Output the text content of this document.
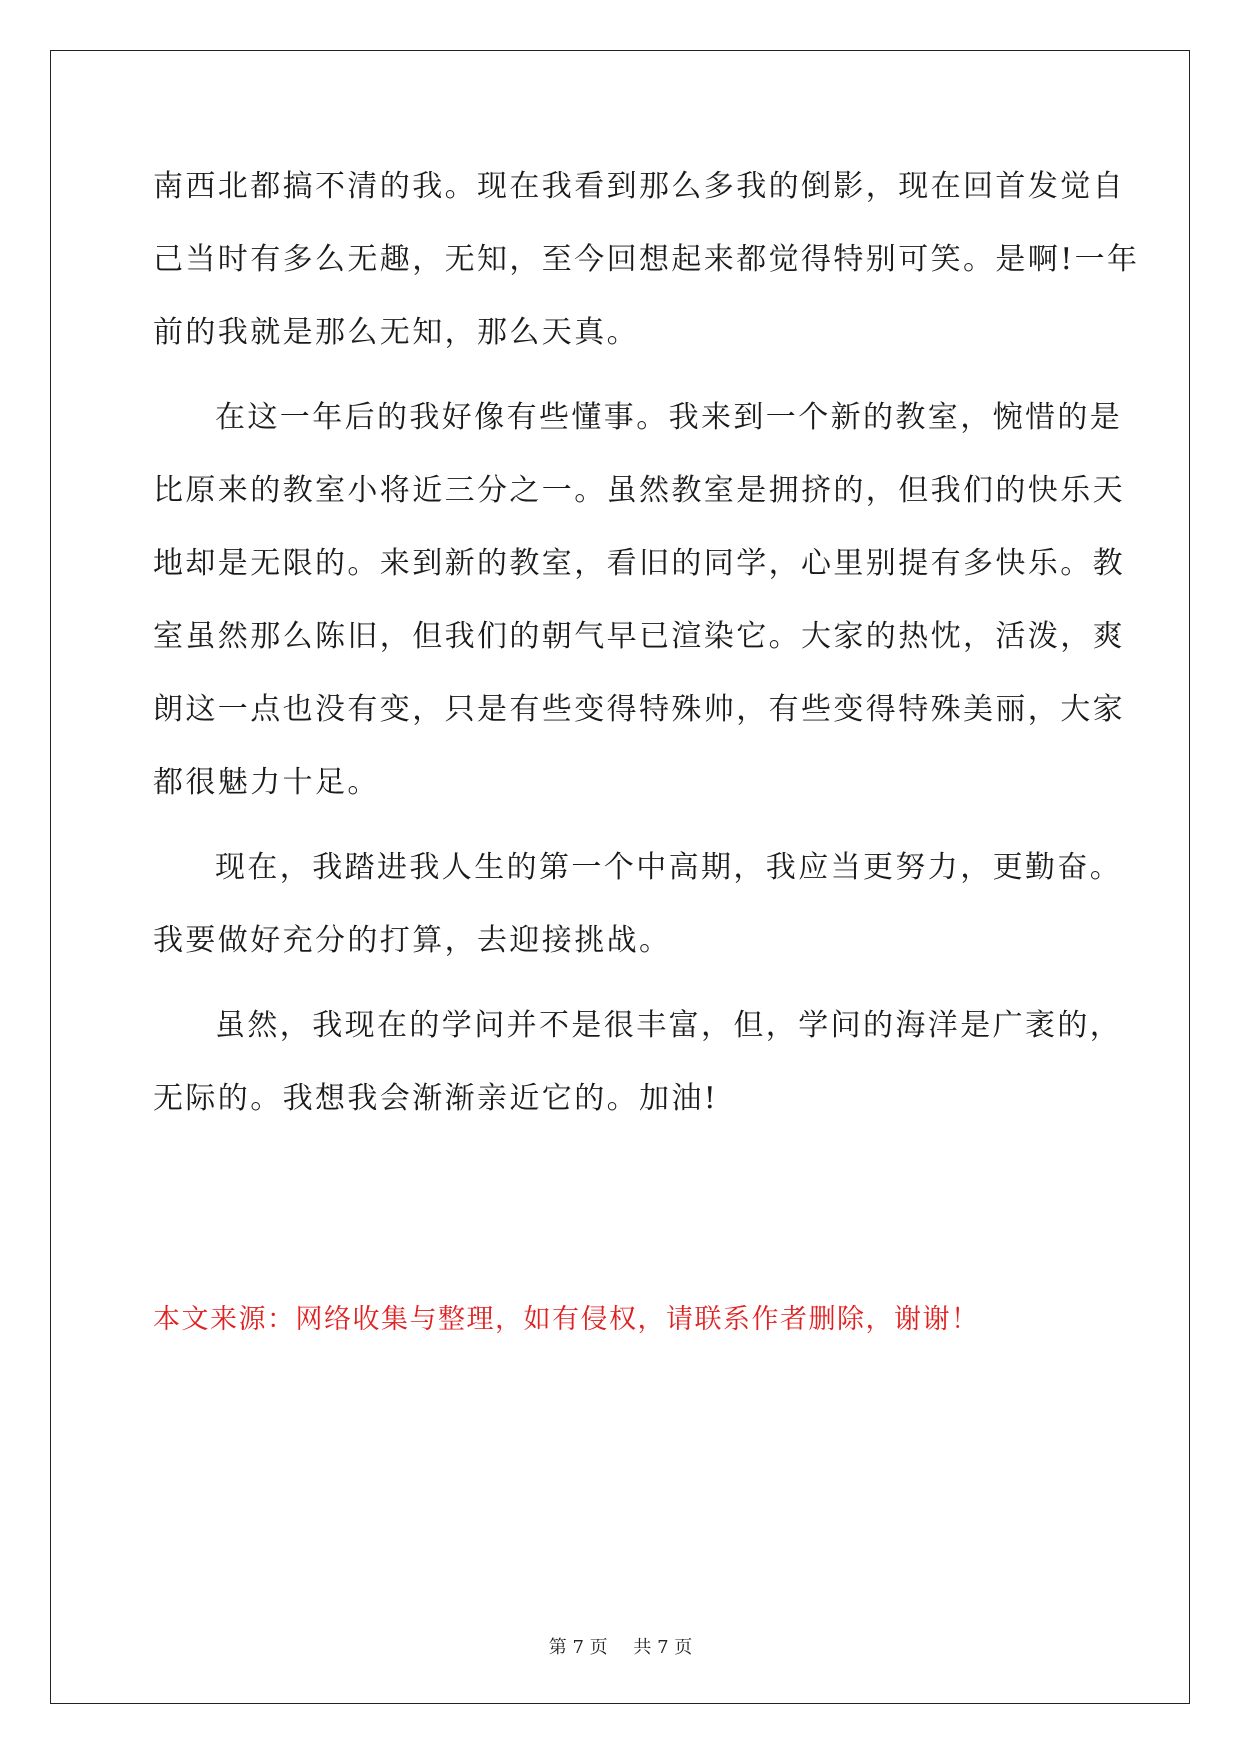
南西北都搞不清的我。现在我看到那么多我的倒影，现在回首发觉自
己当时有多么无趣，无知，至今回想起来都觉得特别可笑。是啊!一年
前的我就是那么无知，那么天真。
在这一年后的我好像有些懂事。我来到一个新的教室，惋惜的是
比原来的教室小将近三分之一。虽然教室是拥挤的，但我们的快乐天
地却是无限的。来到新的教室，看旧的同学，心里别提有多快乐。教
室虽然那么陈旧，但我们的朝气早已渲染它。大家的热忱，活泼，爽
朗这一点也没有变，只是有些变得特殊帅，有些变得特殊美丽，大家
都很魅力十足。
现在，我踏进我人生的第一个中高期，我应当更努力，更勤奋。
我要做好充分的打算，去迎接挑战。
虽然，我现在的学问并不是很丰富，但，学问的海洋是广袤的，
无际的。我想我会渐渐亲近它的。加油!
本文来源：网络收集与整理，如有侵权，请联系作者删除，谢谢！
第 7 页 共 7 页
